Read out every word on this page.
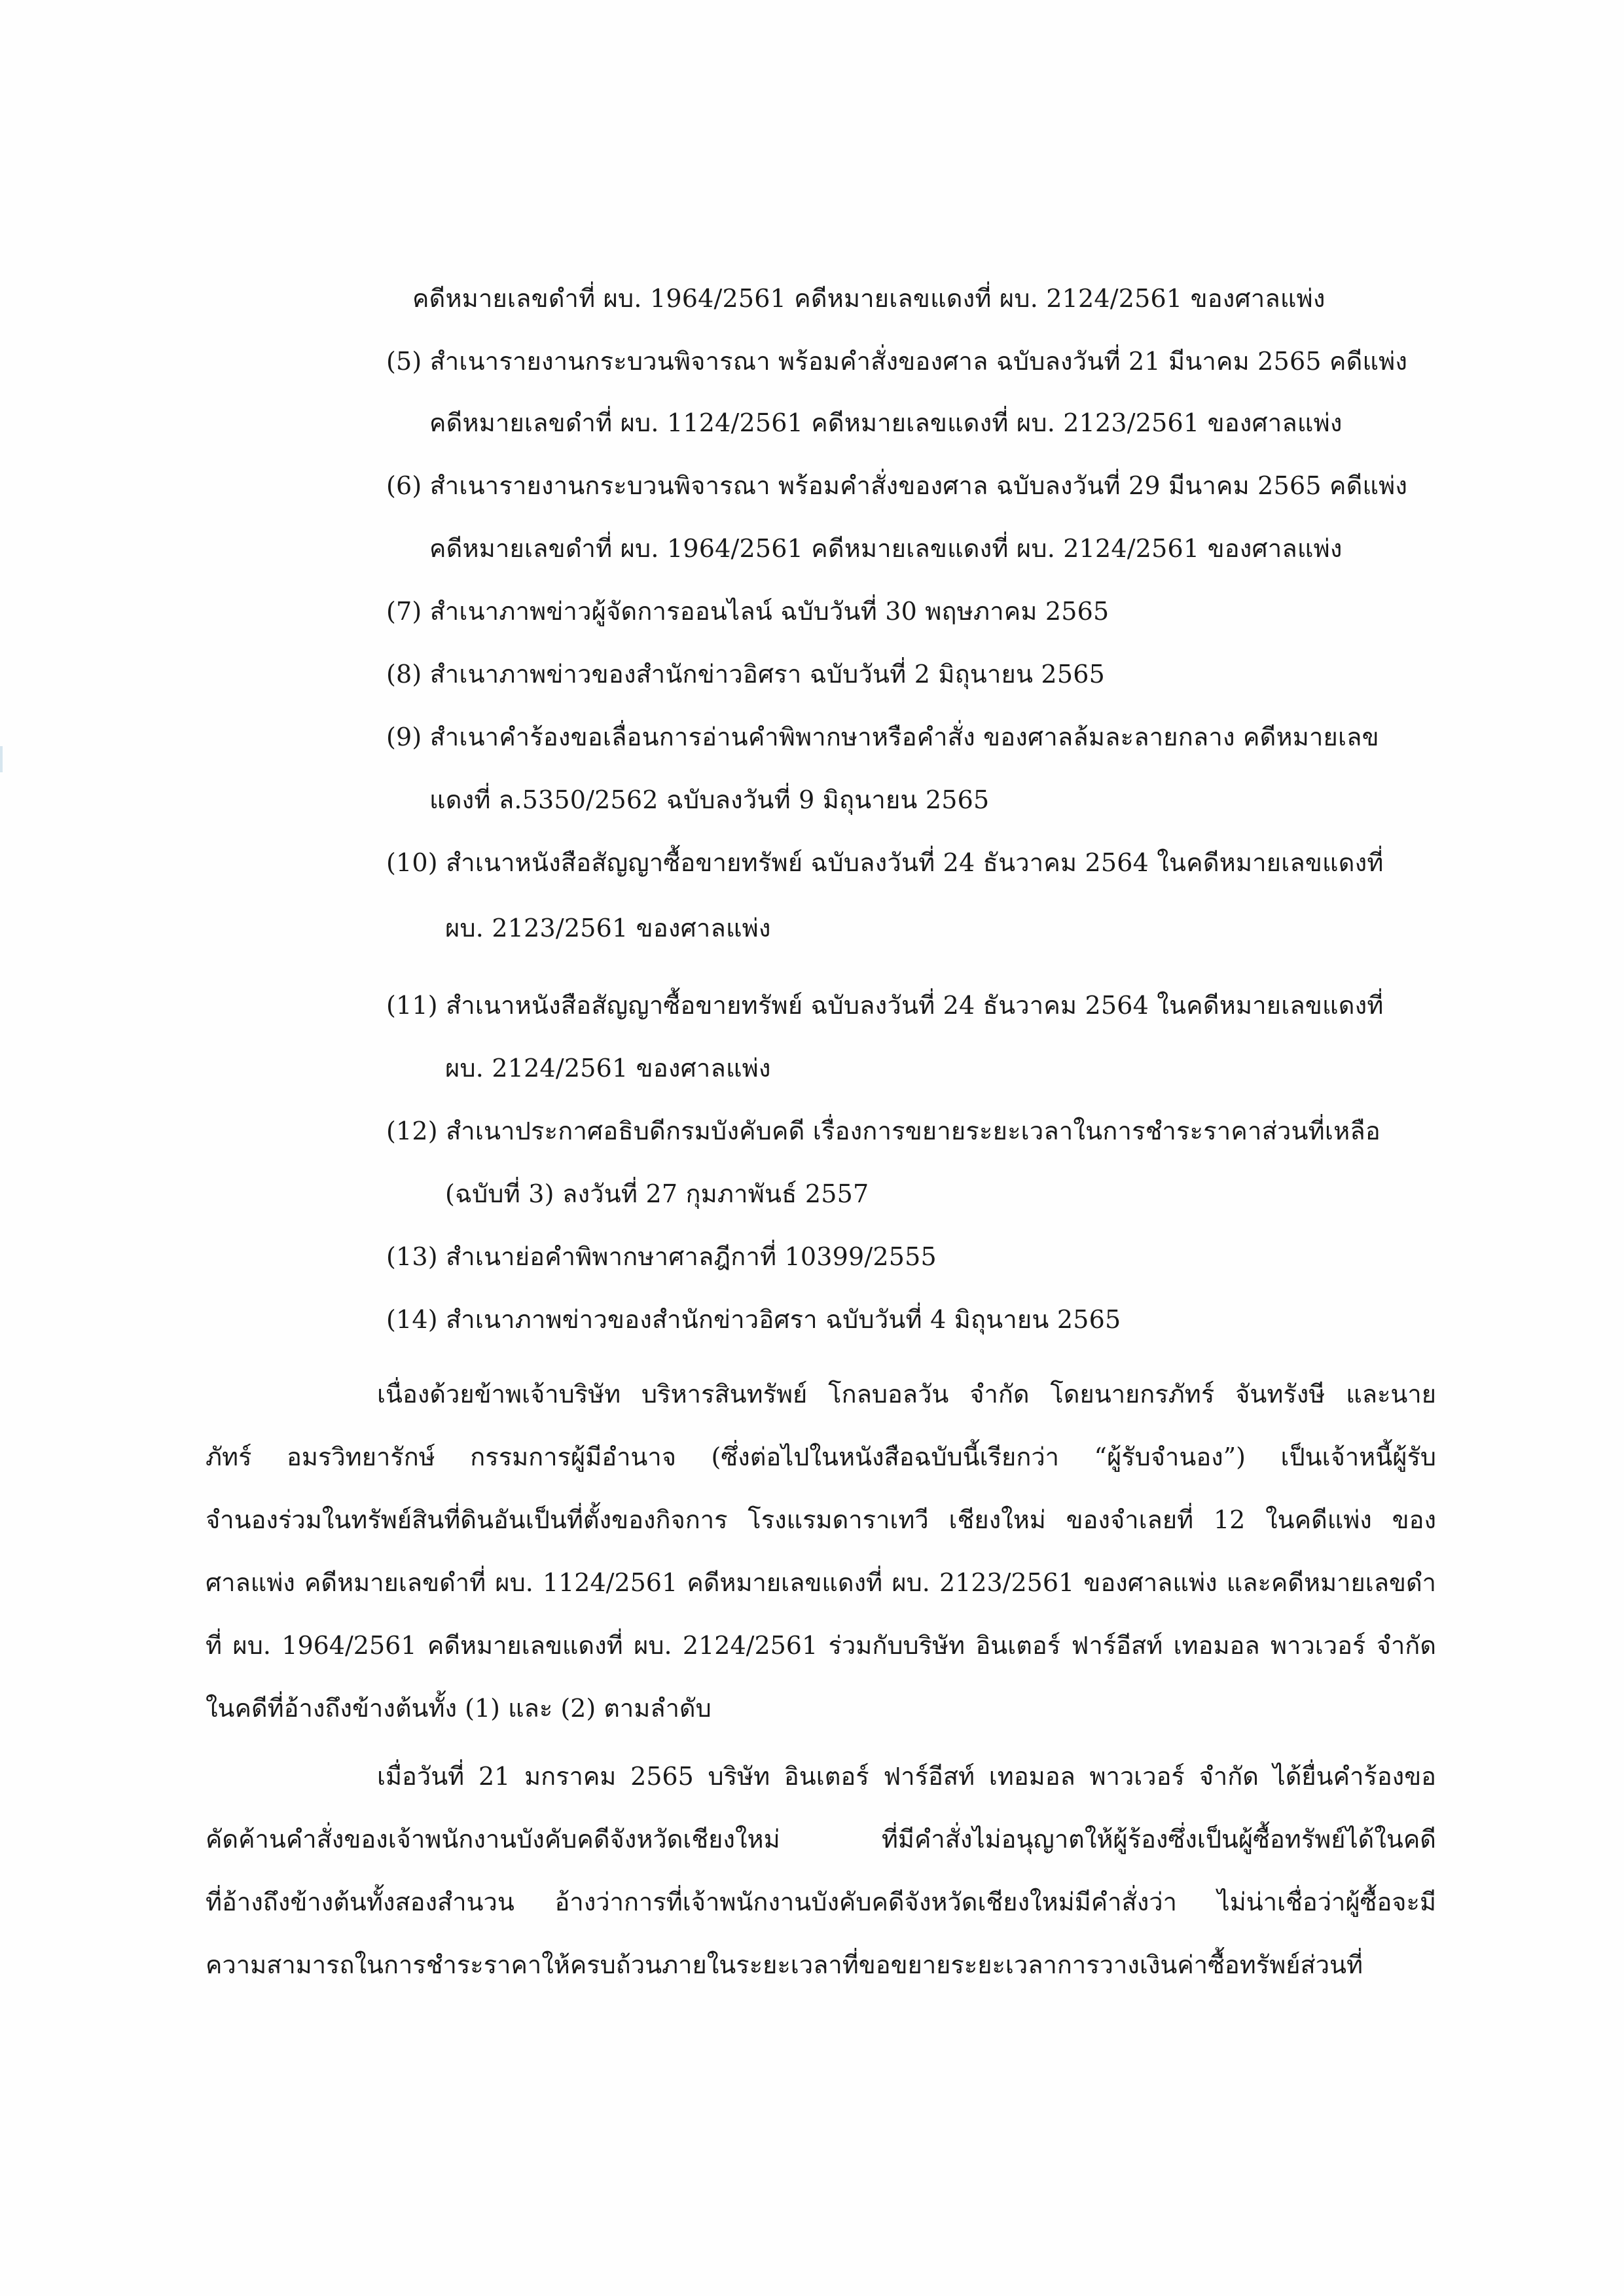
คดีหมายเลขดำที่ ผบ. 1964/2561 คดีหมายเลขแดงที่ ผบ. 2124/2561 ของศาลแพ่ง
(5) สำเนารายงานกระบวนพิจารณา พร้อมคำสั่งของศาล ฉบับลงวันที่ 21 มีนาคม 2565 คดีแพ่ง
คดีหมายเลขดำที่ ผบ. 1124/2561 คดีหมายเลขแดงที่ ผบ. 2123/2561 ของศาลแพ่ง
(6) สำเนารายงานกระบวนพิจารณา พร้อมคำสั่งของศาล ฉบับลงวันที่ 29 มีนาคม 2565 คดีแพ่ง
คดีหมายเลขดำที่ ผบ. 1964/2561 คดีหมายเลขแดงที่ ผบ. 2124/2561 ของศาลแพ่ง
(7) สำเนาภาพข่าวผู้จัดการออนไลน์ ฉบับวันที่ 30 พฤษภาคม 2565
(8) สำเนาภาพข่าวของสำนักข่าวอิศรา ฉบับวันที่ 2 มิถุนายน 2565
(9) สำเนาคำร้องขอเลื่อนการอ่านคำพิพากษาหรือคำสั่ง ของศาลล้มละลายกลาง คดีหมายเลข
แดงที่ ล.5350/2562 ฉบับลงวันที่ 9 มิถุนายน 2565
(10) สำเนาหนังสือสัญญาซื้อขายทรัพย์ ฉบับลงวันที่ 24 ธันวาคม 2564 ในคดีหมายเลขแดงที่
ผบ. 2123/2561 ของศาลแพ่ง
(11) สำเนาหนังสือสัญญาซื้อขายทรัพย์ ฉบับลงวันที่ 24 ธันวาคม 2564 ในคดีหมายเลขแดงที่
ผบ. 2124/2561 ของศาลแพ่ง
(12) สำเนาประกาศอธิบดีกรมบังคับคดี เรื่องการขยายระยะเวลาในการชำระราคาส่วนที่เหลือ
(ฉบับที่ 3) ลงวันที่ 27 กุมภาพันธ์ 2557
(13) สำเนาย่อคำพิพากษาศาลฎีกาที่ 10399/2555
(14) สำเนาภาพข่าวของสำนักข่าวอิศรา ฉบับวันที่ 4 มิถุนายน 2565
เนื่องด้วยข้าพเจ้าบริษัท บริหารสินทรัพย์ โกลบอลวัน จำกัด โดยนายกรภัทร์ จันทรังษี และนาย
ภัทร์ อมรวิทยารักษ์ กรรมการผู้มีอำนาจ (ซึ่งต่อไปในหนังสือฉบับนี้เรียกว่า “ผู้รับจำนอง”) เป็นเจ้าหนี้ผู้รับ
จำนองร่วมในทรัพย์สินที่ดินอันเป็นที่ตั้งของกิจการ โรงแรมดาราเทวี เชียงใหม่ ของจำเลยที่ 12 ในคดีแพ่ง ของ
ศาลแพ่ง คดีหมายเลขดำที่ ผบ. 1124/2561 คดีหมายเลขแดงที่ ผบ. 2123/2561 ของศาลแพ่ง และคดีหมายเลขดำ
ที่ ผบ. 1964/2561 คดีหมายเลขแดงที่ ผบ. 2124/2561 ร่วมกับบริษัท อินเตอร์ ฟาร์อีสท์ เทอมอล พาวเวอร์ จำกัด
ในคดีที่อ้างถึงข้างต้นทั้ง (1) และ (2) ตามลำดับ
เมื่อวันที่ 21 มกราคม 2565 บริษัท อินเตอร์ ฟาร์อีสท์ เทอมอล พาวเวอร์ จำกัด ได้ยื่นคำร้องขอ
คัดค้านคำสั่งของเจ้าพนักงานบังคับคดีจังหวัดเชียงใหม่ ที่มีคำสั่งไม่อนุญาตให้ผู้ร้องซึ่งเป็นผู้ซื้อทรัพย์ได้ในคดี
ที่อ้างถึงข้างต้นทั้งสองสำนวน อ้างว่าการที่เจ้าพนักงานบังคับคดีจังหวัดเชียงใหม่มีคำสั่งว่า ไม่น่าเชื่อว่าผู้ซื้อจะมี
ความสามารถในการชำระราคาให้ครบถ้วนภายในระยะเวลาที่ขอขยายระยะเวลาการวางเงินค่าซื้อทรัพย์ส่วนที่
